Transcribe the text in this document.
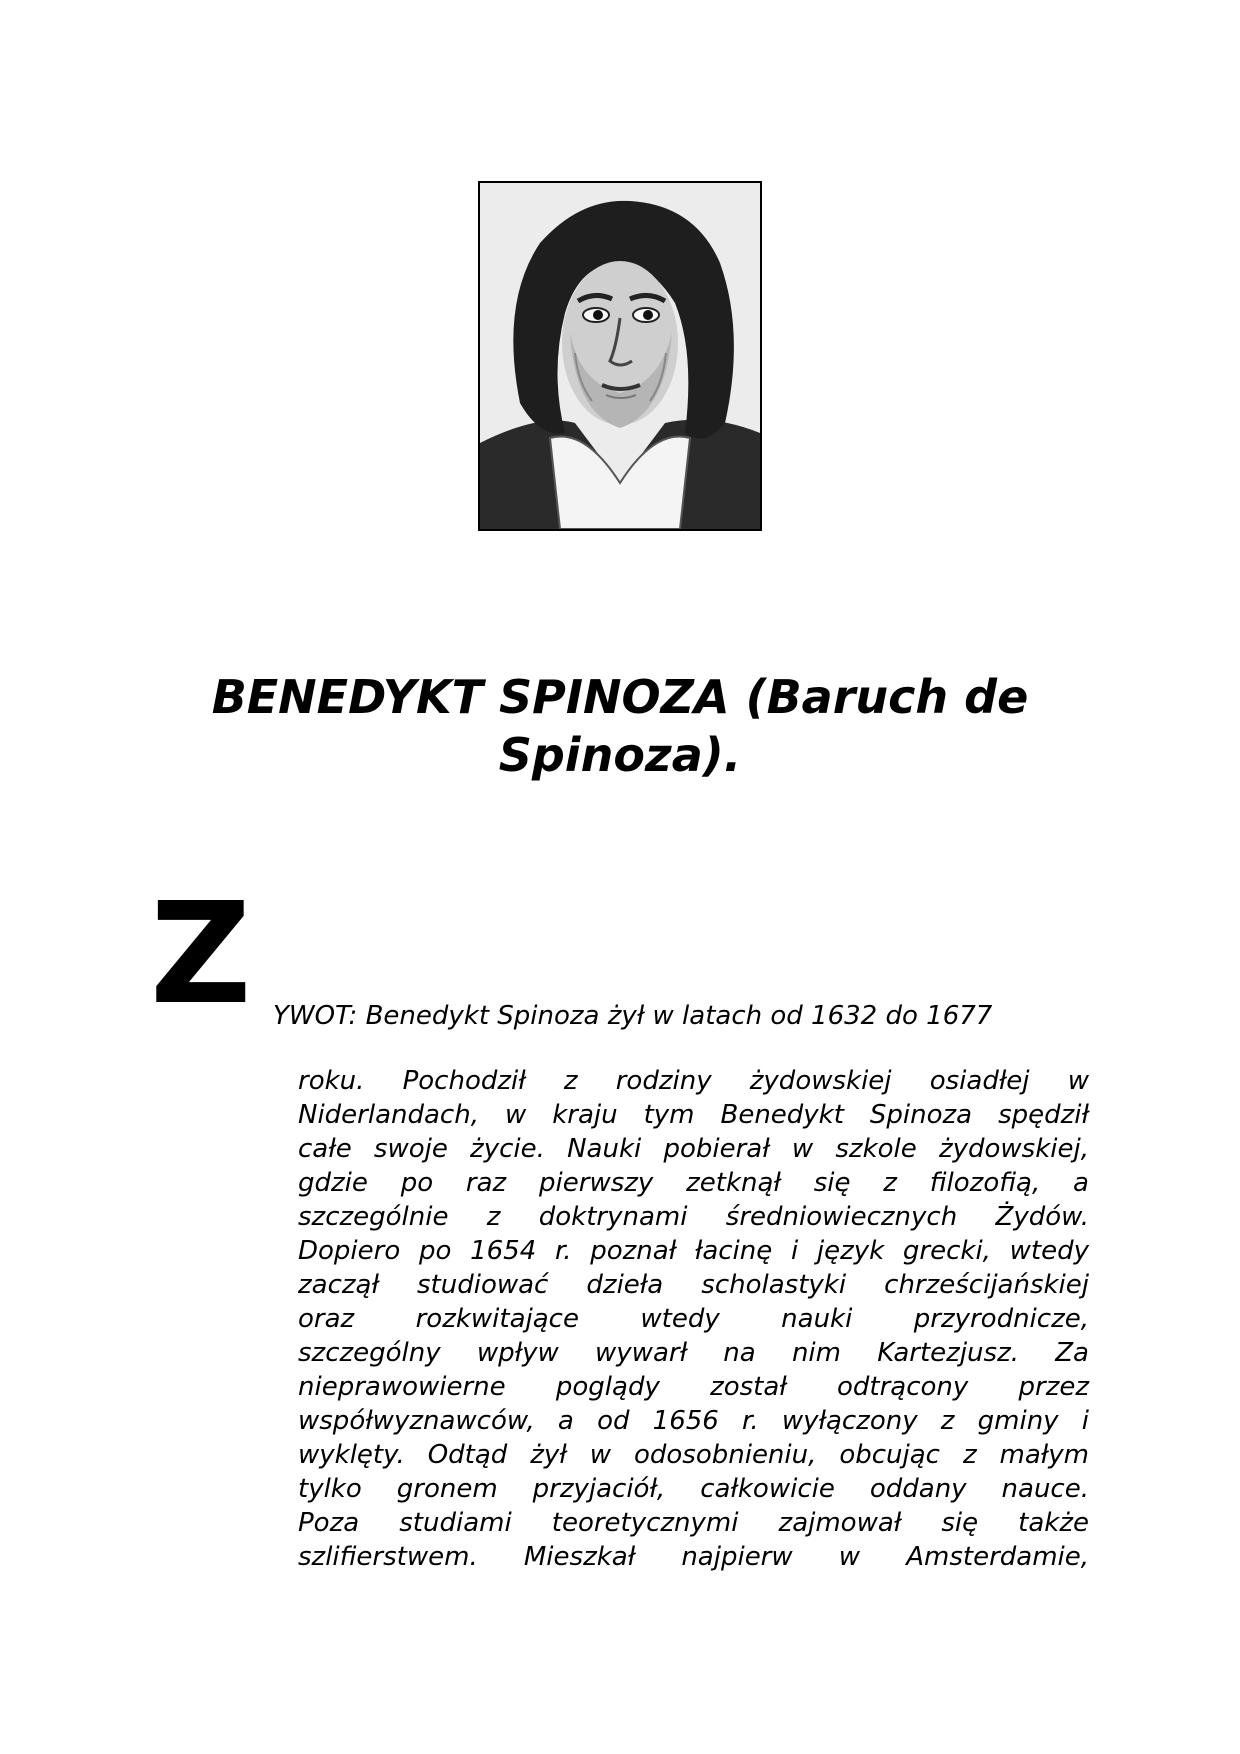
BENEDYKT SPINOZA (Baruch de Spinoza).
Z YWOT: Benedykt Spinoza żył w latach od 1632 do 1677
roku. Pochodził z rodziny żydowskiej osiadłej w
Niderlandach, w kraju tym Benedykt Spinoza spędził
całe swoje życie. Nauki pobierał w szkole żydowskiej,
gdzie po raz pierwszy zetknął się z filozofią, a
szczególnie z doktrynami średniowiecznych Żydów.
Dopiero po 1654 r. poznał łacinę i język grecki, wtedy
zaczął studiować dzieła scholastyki chrześcijańskiej
oraz rozkwitające wtedy nauki przyrodnicze,
szczególny wpływ wywarł na nim Kartezjusz. Za
nieprawowierne poglądy został odtrącony przez
współwyznawców, a od 1656 r. wyłączony z gminy i
wyklęty. Odtąd żył w odosobnieniu, obcując z małym
tylko gronem przyjaciół, całkowicie oddany nauce.
Poza studiami teoretycznymi zajmował się także
szlifierstwem. Mieszkał najpierw w Amsterdamie,
